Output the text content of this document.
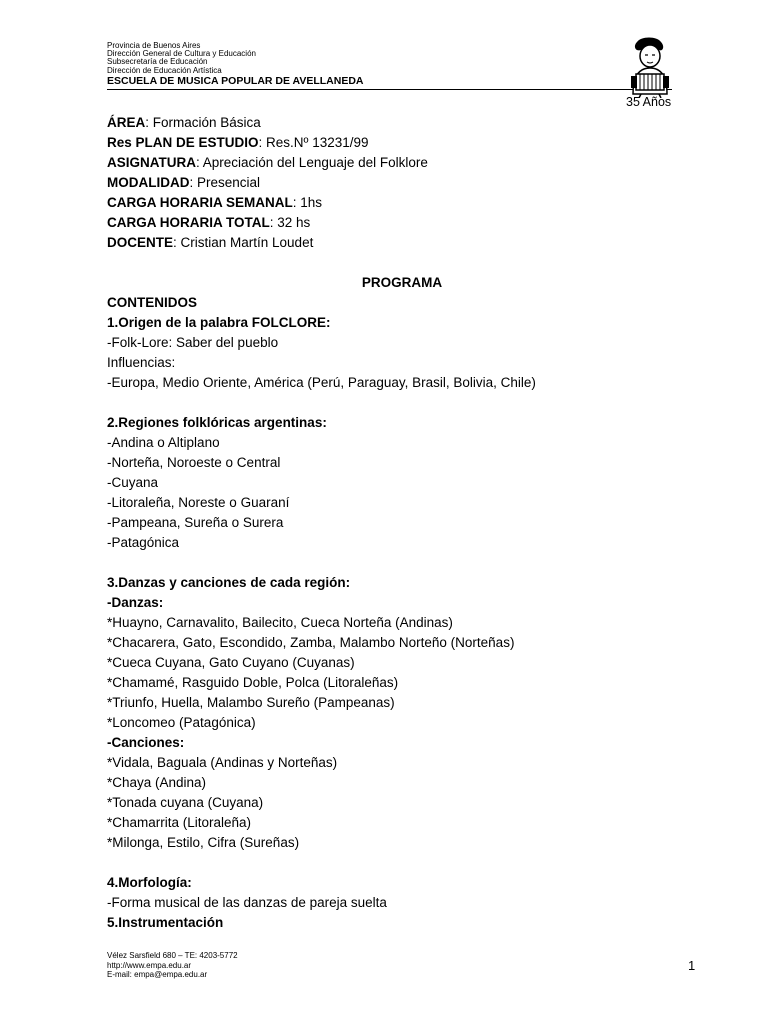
Provincia de Buenos Aires
Dirección General de Cultura y Educación
Subsecretaría de Educación
Dirección de Educación Artística
ESCUELA DE MUSICA POPULAR DE AVELLANEDA
35 Años
ÁREA: Formación Básica
Res PLAN DE ESTUDIO: Res.Nº 13231/99
ASIGNATURA: Apreciación del Lenguaje del Folklore
MODALIDAD: Presencial
CARGA HORARIA SEMANAL: 1hs
CARGA HORARIA TOTAL: 32 hs
DOCENTE: Cristian Martín Loudet
PROGRAMA
CONTENIDOS
1.Origen de la palabra FOLCLORE:
-Folk-Lore: Saber del pueblo
Influencias:
-Europa, Medio Oriente, América (Perú, Paraguay, Brasil, Bolivia, Chile)
2.Regiones folklóricas argentinas:
-Andina o Altiplano
-Norteña, Noroeste o Central
-Cuyana
-Litoraleña, Noreste o Guaraní
-Pampeana, Sureña o Surera
-Patagónica
3.Danzas y canciones de cada región:
-Danzas:
*Huayno, Carnavalito, Bailecito, Cueca Norteña (Andinas)
*Chacarera, Gato, Escondido, Zamba, Malambo Norteño (Norteñas)
*Cueca Cuyana, Gato Cuyano (Cuyanas)
*Chamamé, Rasguido Doble, Polca (Litoraleñas)
*Triunfo, Huella, Malambo Sureño (Pampeanas)
*Loncomeo (Patagónica)
-Canciones:
*Vidala, Baguala (Andinas y Norteñas)
*Chaya (Andina)
*Tonada cuyana (Cuyana)
*Chamarrita (Litoraleña)
*Milonga, Estilo, Cifra (Sureñas)
4.Morfología:
-Forma musical de las danzas de pareja suelta
5.Instrumentación
Vélez Sarsfield 680 – TE: 4203-5772
http://www.empa.edu.ar
E-mail: empa@empa.edu.ar
1
